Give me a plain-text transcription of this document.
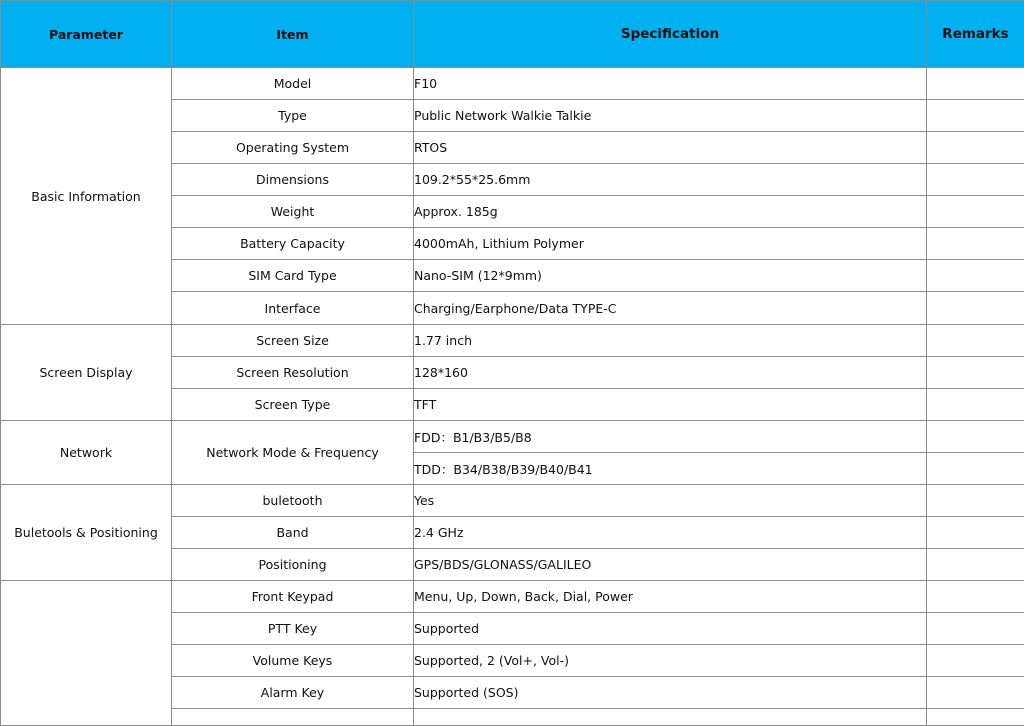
Parameter	Item	Specification	Remarks
Basic Information	Model	F10	
	Type	Public Network Walkie Talkie	
	Operating System	RTOS	
	Dimensions	109.2*55*25.6mm	
	Weight	Approx. 185g	
	Battery Capacity	4000mAh, Lithium Polymer	
	SIM Card Type	Nano-SIM (12*9mm)	
	Interface	Charging/Earphone/Data TYPE-C	
Screen Display	Screen Size	1.77 inch	
	Screen Resolution	128*160	
	Screen Type	TFT	
Network	Network Mode & Frequency	FDD：B1/B3/B5/B8	
		TDD：B34/B38/B39/B40/B41	
Buletools & Positioning	buletooth	Yes	
	Band	2.4 GHz	
	Positioning	GPS/BDS/GLONASS/GALILEO	
	Front Keypad	Menu, Up, Down, Back, Dial, Power	
	PTT Key	Supported	
	Volume Keys	Supported, 2 (Vol+, Vol-)	
	Alarm Key	Supported (SOS)	
